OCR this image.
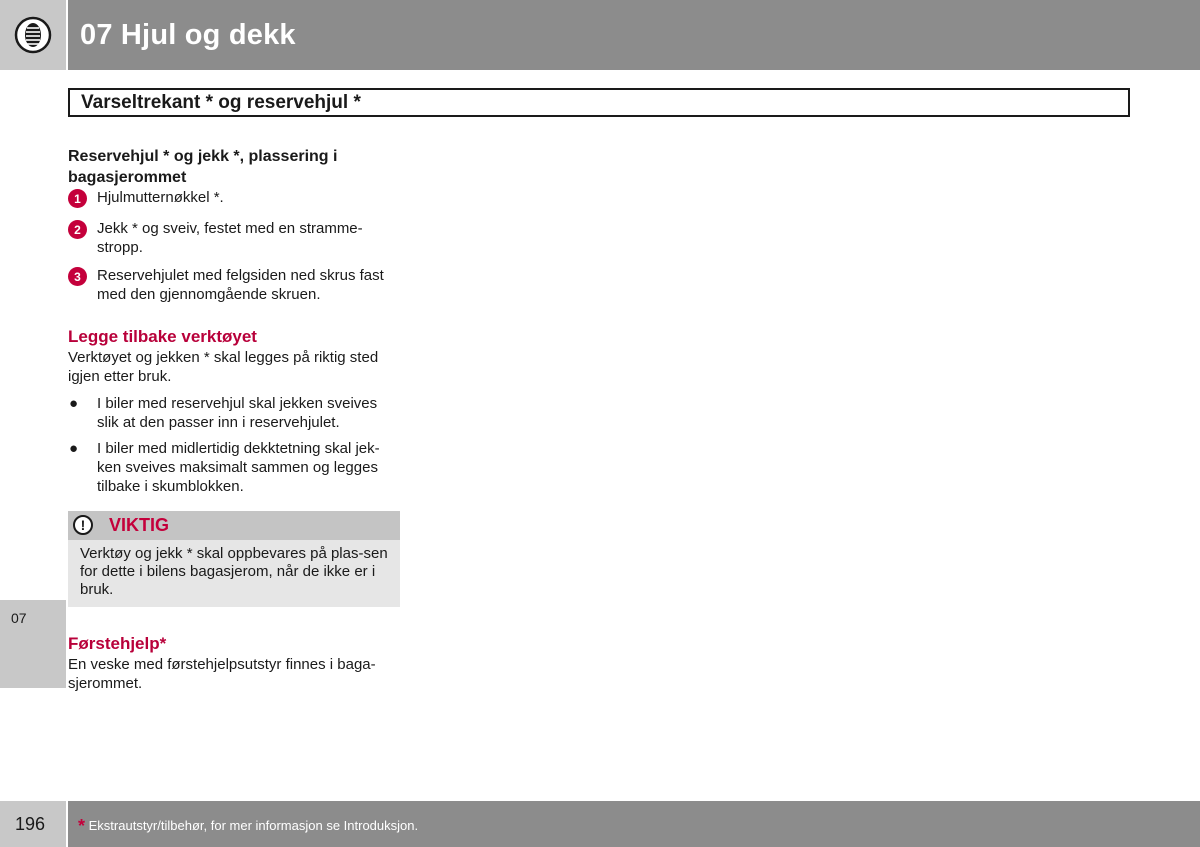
07
196
07 Hjul og dekk
Varseltrekant * og reservehjul *
Reservehjul * og jekk *, plassering i bagasjerommet
1	Hjulmutternøkkel *.
2	Jekk * og sveiv, festet med en stramme-stropp.
3	Reservehjulet med felgsiden ned skrus fast med den gjennomgående skruen.
Legge tilbake verktøyet

Verktøyet og jekken * skal legges på riktig sted igjen etter bruk.

● I biler med reservehjul skal jekken sveives slik at den passer inn i reservehjulet.
● I biler med midlertidig dekktetning skal jek-ken sveives maksimalt sammen og legges tilbake i skumblokken.
!	VIKTIG
Verktøy og jekk * skal oppbevares på plas-sen for dette i bilens bagasjerom, når de ikke er i bruk.
Førstehjelp*

En veske med førstehjelpsutstyr finnes i baga-sjerommet.

* Ekstrautstyr/tilbehør, for mer informasjon se Introduksjon.
